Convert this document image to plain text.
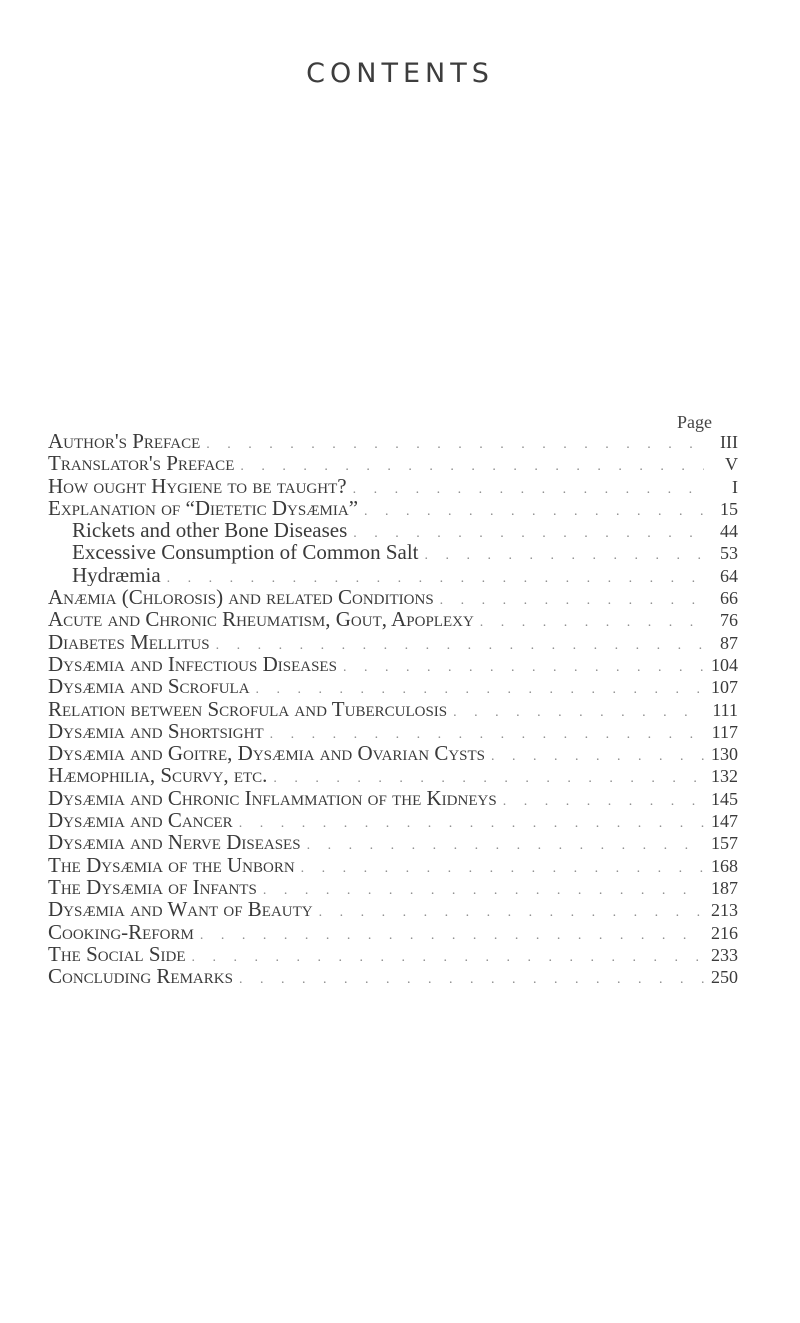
CONTENTS
Page
Author's Preface . . .	III
Translator's Preface . . .	V
How ought Hygiene to be taught? . . .	I
Explanation of “Dietetic Dysæmia” . . .	15
Rickets and other Bone Diseases . . .	44
Excessive Consumption of Common Salt . . .	53
Hydræmia . . .	64
Anæmia (Chlorosis) and related Conditions . . .	66
Acute and Chronic Rheumatism, Gout, Apoplexy . . .	76
Diabetes Mellitus . . .	87
Dysæmia and Infectious Diseases . . .	104
Dysæmia and Scrofula . . .	107
Relation between Scrofula and Tuberculosis . . .	111
Dysæmia and Shortsight . . .	117
Dysæmia and Goitre, Dysæmia and Ovarian Cysts . . .	130
Hæmophilia, Scurvy, etc. . . .	132
Dysæmia and Chronic Inflammation of the Kidneys . . .	145
Dysæmia and Cancer . . .	147
Dysæmia and Nerve Diseases . . .	157
The Dysæmia of the Unborn . . .	168
The Dysæmia of Infants . . .	187
Dysæmia and Want of Beauty . . .	213
Cooking-Reform . . .	216
The Social Side . . .	233
Concluding Remarks . . .	250
